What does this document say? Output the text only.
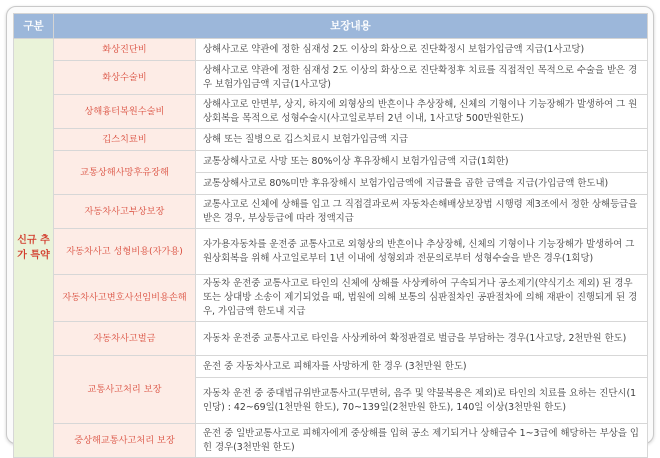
구분	보장내용	
신규 추가 특약	화상진단비	상해사고로 약관에 정한 심재성 2도 이상의 화상으로 진단확정시 보험가입금액 지급(1사고당)
	화상수술비	상해사고로 약관에 정한 심재성 2도 이상의 화상으로 진단확정후 치료를 직접적인 목적으로 수술을 받은 경우 보험가입금액 지급(1사고당)
	상해흉터복원수술비	상해사고로 안면부, 상지, 하지에 외형상의 반흔이나 추상장해, 신체의 기형이나 기능장해가 발생하여 그 원상회복을 목적으로 성형수술시(사고일로부터 2년 이내, 1사고당 500만원한도)
	깁스치료비	상해 또는 질병으로 깁스치료시 보험가입금액 지급
	교통상해사망후유장해	교통상해사고로 사망 또는 80%이상 후유장해시 보험가입금액 지급(1회한)
		교통상해사고로 80%미만 후유장해시 보험가입금액에 지급률을 곱한 금액을 지급(가입금액 한도내)
	자동차사고부상보장	교통사고로 신체에 상해를 입고 그 직접결과로써 자동차손해배상보장법 시행령 제3조에서 정한 상해등급을 받은 경우, 부상등급에 따라 정액지급
	자동차사고 성형비용(자가용)	자가용자동차를 운전중 교통사고로 외형상의 반흔이나 추상장해, 신체의 기형이나 기능장해가 발생하여 그 원상회복을 위해 사고일로부터 1년 이내에 성형외과 전문의로부터 성형수술을 받은 경우(1회당)
	자동차사고변호사선임비용손해	자동차 운전중 교통사고로 타인의 신체에 상해를 사상케하여 구속되거나 공소제기(약식기소 제외) 된 경우 또는 상대방 소송이 제기되었을 때, 법원에 의해 보통의 심판절차인 공판절차에 의해 재판이 진행되게 된 경우, 가입금액 한도내 지급
	자동차사고벌금	자동차 운전중 교통사고로 타인을 사상케하여 확정판결로 벌금을 부담하는 경우(1사고당, 2천만원 한도)
	교통사고처리 보장	운전 중 자동차사고로 피해자를 사망하게 한 경우 (3천만원 한도)
		자동차 운전 중 중대법규위반교통사고(무면허, 음주 및 약물복용은 제외)로 타인의 치료를 요하는 진단시(1인당) : 42~69일(1천만원 한도), 70~139일(2천만원 한도), 140일 이상(3천만원 한도)
	중상해교통사고처리 보장	운전 중 일반교통사고로 피해자에게 중상해를 입혀 공소 제기되거나 상해급수 1~3급에 해당하는 부상을 입힌 경우(3천만원 한도)
